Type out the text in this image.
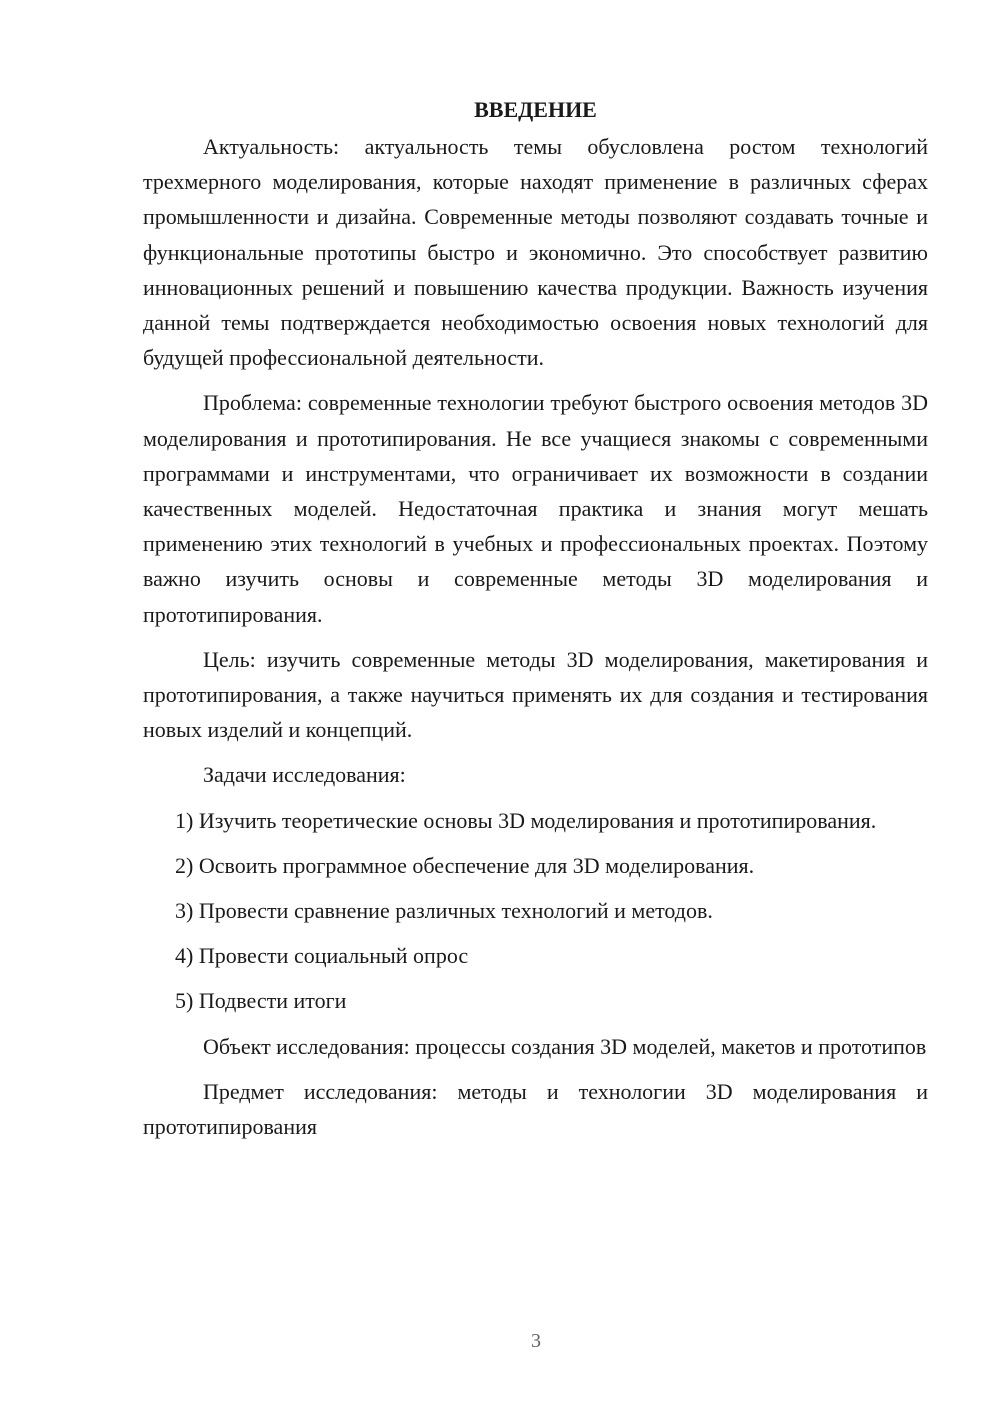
ВВЕДЕНИЕ

Актуальность: актуальность темы обусловлена ростом технологий трехмерного моделирования, которые находят применение в различных сферах промышленности и дизайна. Современные методы позволяют создавать точные и функциональные прототипы быстро и экономично. Это способствует развитию инновационных решений и повышению качества продукции. Важность изучения данной темы подтверждается необходимостью освоения новых технологий для будущей профессиональной деятельности.

Проблема: современные технологии требуют быстрого освоения методов 3D моделирования и прототипирования. Не все учащиеся знакомы с современными программами и инструментами, что ограничивает их возможности в создании качественных моделей. Недостаточная практика и знания могут мешать применению этих технологий в учебных и профессиональных проектах. Поэтому важно изучить основы и современные методы 3D моделирования и прототипирования.

Цель: изучить современные методы 3D моделирования, макетирования и прототипирования, а также научиться применять их для создания и тестирования новых изделий и концепций.

Задачи исследования:

1) Изучить теоретические основы 3D моделирования и прототипирования.

2) Освоить программное обеспечение для 3D моделирования.

3) Провести сравнение различных технологий и методов.

4) Провести социальный опрос

5) Подвести итоги

Объект исследования: процессы создания 3D моделей, макетов и прототипов

Предмет исследования: методы и технологии 3D моделирования и прототипирования

3
